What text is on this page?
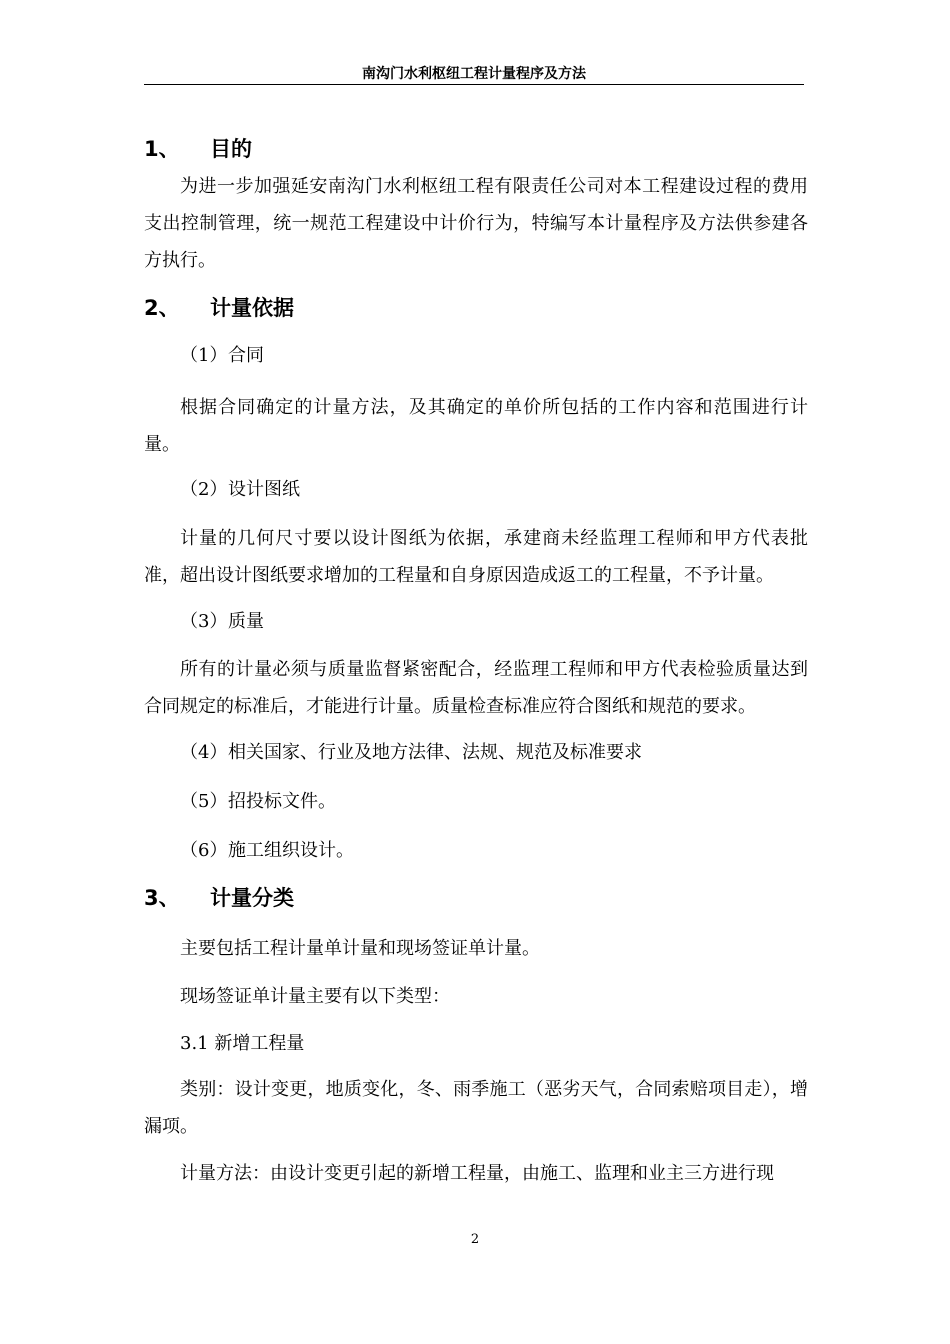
南沟门水利枢纽工程计量程序及方法
1、 目的

为进一步加强延安南沟门水利枢纽工程有限责任公司对本工程建设过程的费用支出控制管理，统一规范工程建设中计价行为，特编写本计量程序及方法供参建各方执行。

2、 计量依据
（1）合同

根据合同确定的计量方法，及其确定的单价所包括的工作内容和范围进行计量。

（2）设计图纸

计量的几何尺寸要以设计图纸为依据，承建商未经监理工程师和甲方代表批准，超出设计图纸要求增加的工程量和自身原因造成返工的工程量，不予计量。

（3）质量

所有的计量必须与质量监督紧密配合，经监理工程师和甲方代表检验质量达到合同规定的标准后，才能进行计量。质量检查标准应符合图纸和规范的要求。

（4）相关国家、行业及地方法律、法规、规范及标准要求
（5）招投标文件。
（6）施工组织设计。
3、 计量分类

主要包括工程计量单计量和现场签证单计量。

现场签证单计量主要有以下类型：

3.1 新增工程量

类别：设计变更，地质变化，冬、雨季施工（恶劣天气，合同索赔项目走），增漏项。

计量方法：由设计变更引起的新增工程量，由施工、监理和业主三方进行现

2
